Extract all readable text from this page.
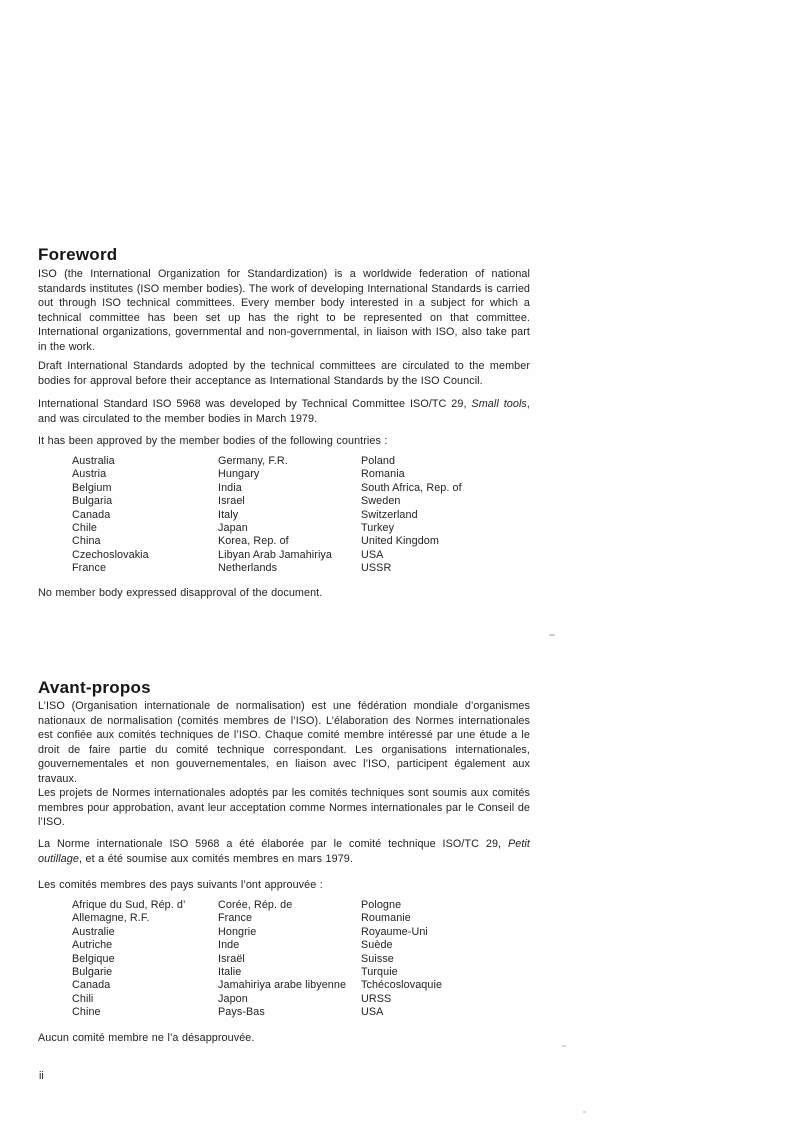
Foreword

ISO (the International Organization for Standardization) is a worldwide federation of national standards institutes (ISO member bodies). The work of developing International Standards is carried out through ISO technical committees. Every member body interested in a subject for which a technical committee has been set up has the right to be represented on that committee. International organizations, governmental and non-governmental, in liaison with ISO, also take part in the work.

Draft International Standards adopted by the technical committees are circulated to the member bodies for approval before their acceptance as International Standards by the ISO Council.

International Standard ISO 5968 was developed by Technical Committee ISO/TC 29, Small tools, and was circulated to the member bodies in March 1979.

It has been approved by the member bodies of the following countries :

Australia
Austria
Belgium
Bulgaria
Canada
Chile
China
Czechoslovakia
France
Germany, F.R.
Hungary
India
Israel
Italy
Japan
Korea, Rep. of
Libyan Arab Jamahiriya
Netherlands
Poland
Romania
South Africa, Rep. of
Sweden
Switzerland
Turkey
United Kingdom
USA
USSR

No member body expressed disapproval of the document.

Avant-propos

L’ISO (Organisation internationale de normalisation) est une fédération mondiale d’organismes nationaux de normalisation (comités membres de l’ISO). L’élaboration des Normes internationales est confiée aux comités techniques de l’ISO. Chaque comité membre intéressé par une étude a le droit de faire partie du comité technique correspondant. Les organisations internationales, gouvernementales et non gouvernementales, en liaison avec l’ISO, participent également aux travaux.

Les projets de Normes internationales adoptés par les comités techniques sont soumis aux comités membres pour approbation, avant leur acceptation comme Normes internationales par le Conseil de l’ISO.

La Norme internationale ISO 5968 a été élaborée par le comité technique ISO/TC 29, Petit outillage, et a été soumise aux comités membres en mars 1979.

Les comités membres des pays suivants l’ont approuvée :

Afrique du Sud, Rép. d’
Allemagne, R.F.
Australie
Autriche
Belgique
Bulgarie
Canada
Chili
Chine
Corée, Rép. de
France
Hongrie
Inde
Israël
Italie
Jamahiriya arabe libyenne
Japon
Pays-Bas
Pologne
Roumanie
Royaume-Uni
Suède
Suisse
Turquie
Tchécoslovaquie
URSS
USA

Aucun comité membre ne l’a désapprouvée.

ii
